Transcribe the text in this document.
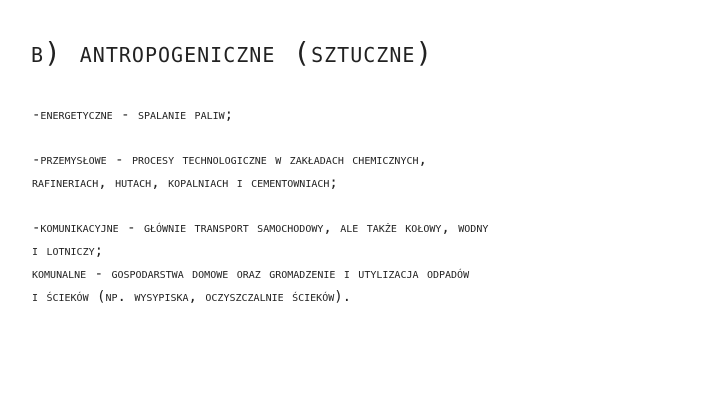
b) antropogeniczne (sztuczne)

-energetyczne - spalanie paliw;

-przemysłowe - procesy technologiczne w zakładach chemicznych,

rafineriach, hutach, kopalniach i cementowniach;

-komunikacyjne - głównie transport samochodowy, ale także kołowy, wodny

i lotniczy;

komunalne - gospodarstwa domowe oraz gromadzenie i utylizacja odpadów

i ścieków (np. wysypiska, oczyszczalnie ścieków).
